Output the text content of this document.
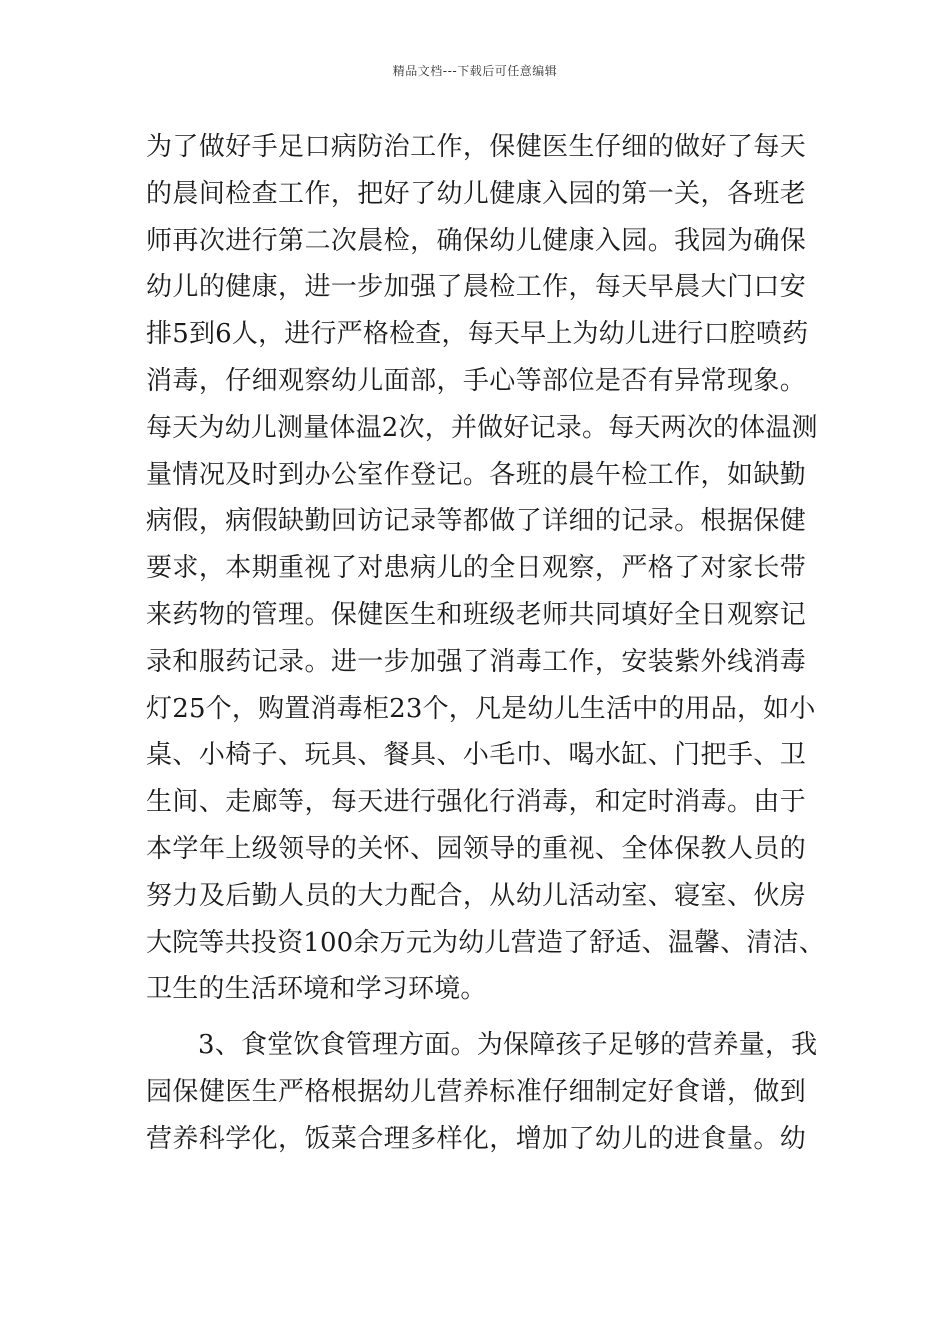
精品文档---下载后可任意编辑
为了做好手足口病防治工作，保健医生仔细的做好了每天
的晨间检查工作，把好了幼儿健康入园的第一关，各班老
师再次进行第二次晨检，确保幼儿健康入园。我园为确保
幼儿的健康，进一步加强了晨检工作，每天早晨大门口安
排5到6人，进行严格检查，每天早上为幼儿进行口腔喷药
消毒，仔细观察幼儿面部，手心等部位是否有异常现象。
每天为幼儿测量体温2次，并做好记录。每天两次的体温测
量情况及时到办公室作登记。各班的晨午检工作，如缺勤
病假，病假缺勤回访记录等都做了详细的记录。根据保健
要求，本期重视了对患病儿的全日观察，严格了对家长带
来药物的管理。保健医生和班级老师共同填好全日观察记
录和服药记录。进一步加强了消毒工作，安装紫外线消毒
灯25个，购置消毒柜23个，凡是幼儿生活中的用品，如小
桌、小椅子、玩具、餐具、小毛巾、喝水缸、门把手、卫
生间、走廊等，每天进行强化行消毒，和定时消毒。由于
本学年上级领导的关怀、园领导的重视、全体保教人员的
努力及后勤人员的大力配合，从幼儿活动室、寝室、伙房
大院等共投资100余万元为幼儿营造了舒适、温馨、清洁、
卫生的生活环境和学习环境。
3、食堂饮食管理方面。为保障孩子足够的营养量，我
园保健医生严格根据幼儿营养标准仔细制定好食谱，做到
营养科学化，饭菜合理多样化，增加了幼儿的进食量。幼
